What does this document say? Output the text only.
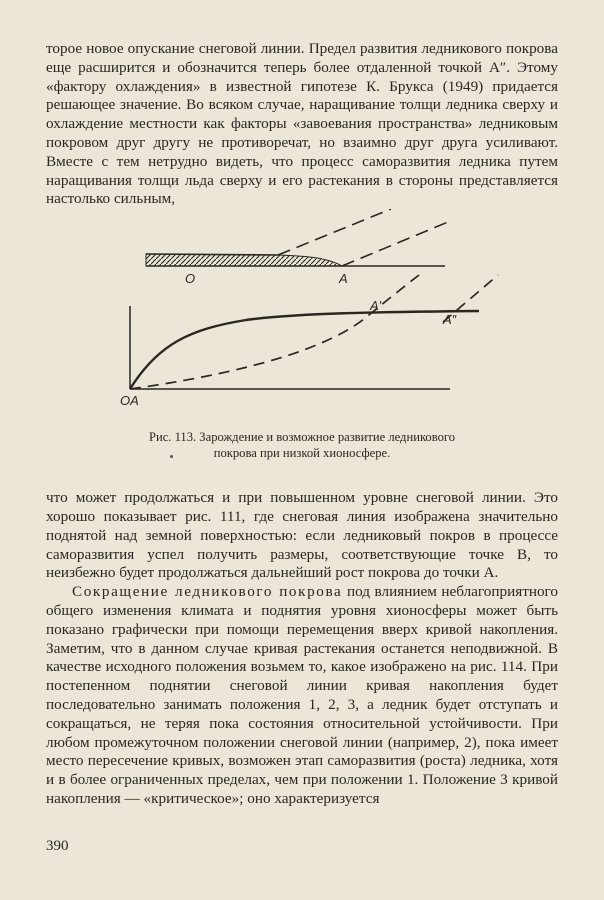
торое новое опускание снеговой линии. Предел развития ледникового покрова еще расширится и обозначится теперь более отдаленной точкой A″. Этому «фактору охлаждения» в известной гипотезе К. Брукса (1949) придается решающее значение. Во всяком случае, наращивание толщи ледника сверху и охлаждение местности как факторы «завоевания пространства» ледниковым покровом друг другу не противоречат, но взаимно друг друга усиливают. Вместе с тем нетрудно видеть, что процесс саморазвития ледника путем наращивания толщи льда сверху и его растекания в стороны представляется настолько сильным,

O	A
A′
A″
OA
Рис. 113. Зарождение и возможное развитие ледникового
покрова при низкой хионосфере.

что может продолжаться и при повышенном уровне снеговой линии. Это хорошо показывает рис. 111, где снеговая линия изображена значительно поднятой над земной поверхностью: если ледниковый покров в процессе саморазвития успел получить размеры, соответствующие точке B, то неизбежно будет продолжаться дальнейший рост покрова до точки A.

Сокращение ледникового покрова под влиянием неблагоприятного общего изменения климата и поднятия уровня хионосферы может быть показано графически при помощи перемещения вверх кривой накопления. Заметим, что в данном случае кривая растекания останется неподвижной. В качестве исходного положения возьмем то, какое изображено на рис. 114. При постепенном поднятии снеговой линии кривая накопления будет последовательно занимать положения 1, 2, 3, а ледник будет отступать и сокращаться, не теряя пока состояния относительной устойчивости. При любом промежуточном положении снеговой линии (например, 2), пока имеет место пересечение кривых, возможен этап саморазвития (роста) ледника, хотя и в более ограниченных пределах, чем при положении 1. Положение 3 кривой накопления — «критическое»; оно характеризуется

390
